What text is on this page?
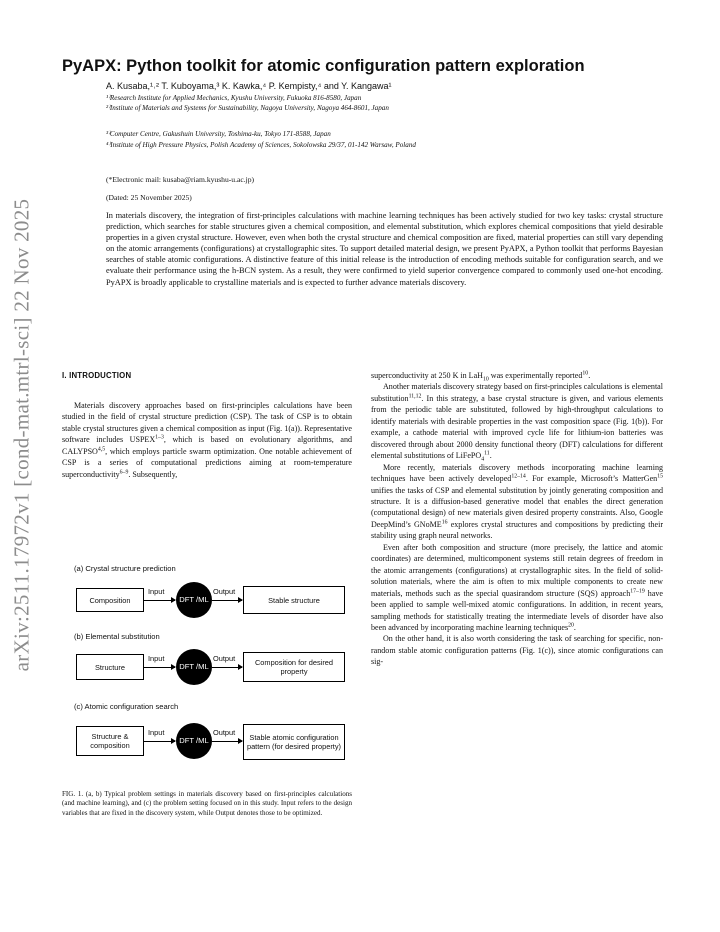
arXiv:2511.17972v1 [cond-mat.mtrl-sci] 22 Nov 2025
PyAPX: Python toolkit for atomic configuration pattern exploration
A. Kusaba,¹˒² T. Kuboyama,³ K. Kawka,⁴ P. Kempisty,⁴ and Y. Kangawa¹
¹⁾Research Institute for Applied Mechanics, Kyushu University, Fukuoka 816-8580, Japan
²⁾Institute of Materials and Systems for Sustainability, Nagoya University, Nagoya 464-8601, Japan
³⁾Computer Centre, Gakushuin University, Toshima-ku, Tokyo 171-8588, Japan
⁴⁾Institute of High Pressure Physics, Polish Academy of Sciences, Sokolowska 29/37, 01-142 Warsaw, Poland
(*Electronic mail: kusaba@riam.kyushu-u.ac.jp)
(Dated: 25 November 2025)

In materials discovery, the integration of first-principles calculations with machine learning techniques has been actively studied for two key tasks: crystal structure prediction, which searches for stable structures given a chemical composition, and elemental substitution, which explores chemical compositions that yield desirable properties in a given crystal structure. However, even when both the crystal structure and chemical composition are fixed, material properties can still vary depending on the atomic arrangements (configurations) at crystallographic sites. To support detailed material design, we present PyAPX, a Python toolkit that performs Bayesian searches of stable atomic configurations. A distinctive feature of this initial release is the introduction of encoding methods suitable for configuration search, and we evaluate their performance using the h-BCN system. As a result, they were confirmed to yield superior convergence compared to commonly used one-hot encoding. PyAPX is broadly applicable to crystalline materials and is expected to further advance materials discovery.

I. INTRODUCTION

Materials discovery approaches based on first-principles calculations have been studied in the field of crystal structure prediction (CSP). The task of CSP is to obtain stable crystal structures given a chemical composition as input (Fig. 1(a)). Representative software includes USPEX$^{1-3}$, which is based on evolutionary algorithms, and CALYPSO$^{4,5}$, which employs particle swarm optimization. One notable achievement of CSP is a series of computational predictions aiming at room-temperature superconductivity$^{6-9}$. Subsequently,

(a) Crystal structure prediction
Composition
Input
DFT /ML
Output
Stable structure
(b) Elemental substitution
Structure
Input
DFT /ML
Output	Composition for desired property
(c) Atomic configuration search
Structure & composition
Input
DFT /ML
Output
Stable atomic configuration pattern (for desired property)

FIG. 1. (a, b) Typical problem settings in materials discovery based on first-principles calculations (and machine learning), and (c) the problem setting focused on in this study. Input refers to the design variables that are fixed in the discovery system, while Output denotes those to be optimized.

superconductivity at 250 K in LaH$_{10}$ was experimentally reported$^{10}$.

Another materials discovery strategy based on first-principles calculations is elemental substitution$^{11,12}$. In this strategy, a base crystal structure is given, and various elements from the periodic table are substituted, followed by high-throughput calculations to identify materials with desirable properties in the vast composition space (Fig. 1(b)). For example, a cathode material with improved cycle life for lithium-ion batteries was discovered through about 2000 density functional theory (DFT) calculations for different elemental substitutions of LiFePO$_4^{11}$.

More recently, materials discovery methods incorporating machine learning techniques have been actively developed$^{12-14}$. For example, Microsoft’s MatterGen$^{15}$ unifies the tasks of CSP and elemental substitution by jointly generating composition and structure. It is a diffusion-based generative model that enables the direct generation (computational design) of new materials given desired property constraints. Also, Google DeepMind’s GNoME$^{16}$ explores crystal structures and compositions by predicting their stability using graph neural networks.

Even after both composition and structure (more precisely, the lattice and atomic coordinates) are determined, multicomponent systems still retain degrees of freedom in the atomic arrangements (configurations) at crystallographic sites. In the field of solid-solution materials, where the aim is often to mix multiple components to create new materials, methods such as the special quasirandom structure (SQS) approach$^{17-19}$ have been applied to sample well-mixed atomic configurations. In addition, in recent years, sampling methods for statistically treating the intermediate levels of disorder have also been advanced by incorporating machine learning techniques$^{20}$.

On the other hand, it is also worth considering the task of searching for specific, non-random stable atomic configuration patterns (Fig. 1(c)), since atomic configurations can sig-
